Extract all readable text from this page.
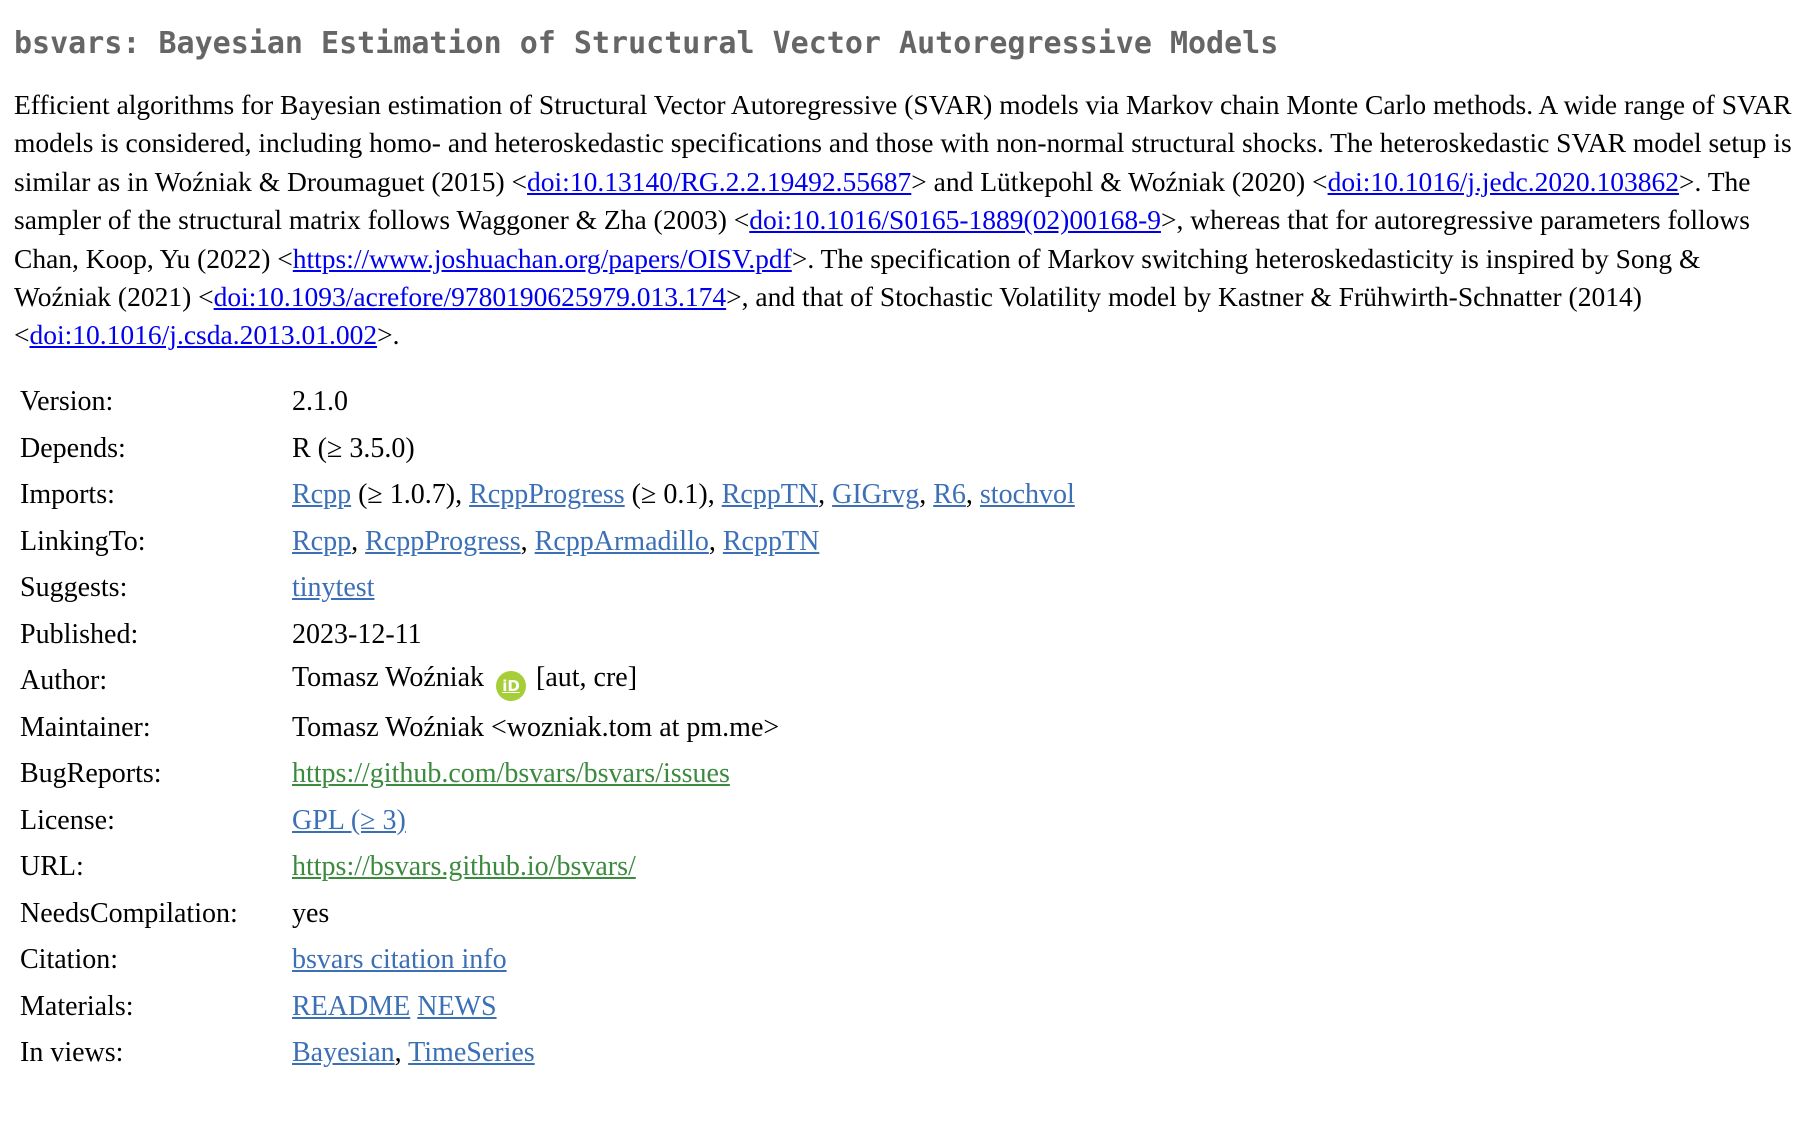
bsvars: Bayesian Estimation of Structural Vector Autoregressive Models

Efficient algorithms for Bayesian estimation of Structural Vector Autoregressive (SVAR) models via Markov chain Monte Carlo methods. A wide range of SVAR models is considered, including homo- and heteroskedastic specifications and those with non-normal structural shocks. The heteroskedastic SVAR model setup is similar as in Woźniak & Droumaguet (2015) <doi:10.13140/RG.2.2.19492.55687> and Lütkepohl & Woźniak (2020) <doi:10.1016/j.jedc.2020.103862>. The sampler of the structural matrix follows Waggoner & Zha (2003) <doi:10.1016/S0165-1889(02)00168-9>, whereas that for autoregressive parameters follows Chan, Koop, Yu (2022) <https://www.joshuachan.org/papers/OISV.pdf>. The specification of Markov switching heteroskedasticity is inspired by Song & Woźniak (2021) <doi:10.1093/acrefore/9780190625979.013.174>, and that of Stochastic Volatility model by Kastner & Frühwirth-Schnatter (2014) <doi:10.1016/j.csda.2013.01.002>.

Version:	2.1.0
Depends:	R (≥ 3.5.0)
Imports:	Rcpp (≥ 1.0.7), RcppProgress (≥ 0.1), RcppTN, GIGrvg, R6, stochvol
LinkingTo:	Rcpp, RcppProgress, RcppArmadillo, RcppTN
Suggests:	tinytest
Published:	2023-12-11
Author:	Tomasz Woźniak iD [aut, cre]
Maintainer:	Tomasz Woźniak <wozniak.tom at pm.me>
BugReports:	https://github.com/bsvars/bsvars/issues
License:	GPL (≥ 3)
URL:	https://bsvars.github.io/bsvars/
NeedsCompilation:	yes
Citation:	bsvars citation info
Materials:	README NEWS
In views:	Bayesian, TimeSeries
